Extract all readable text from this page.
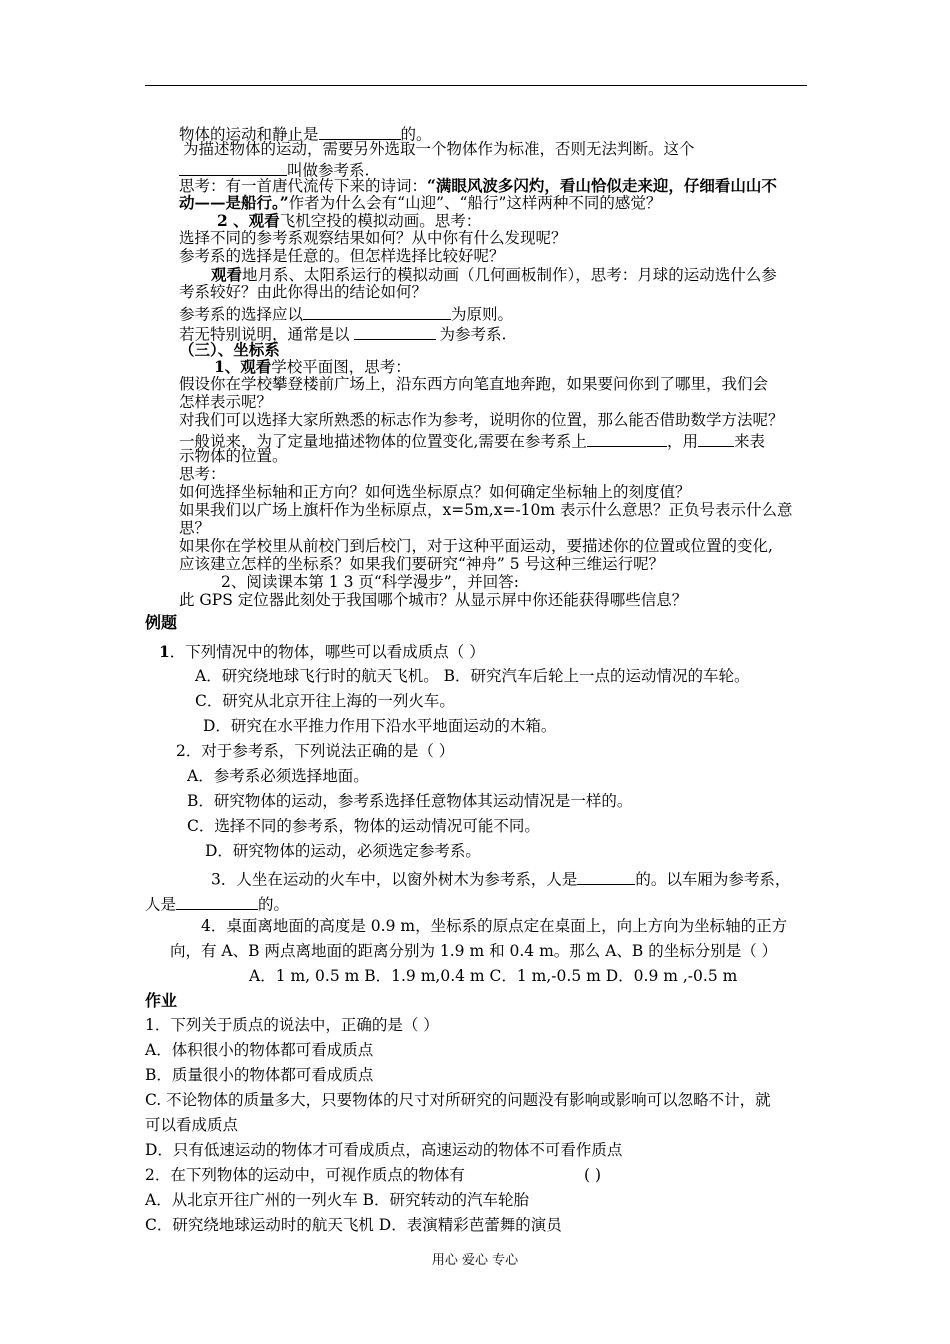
物体的运动和静止是	的。
为描述物体的运动，需要另外选取一个物体作为标准，否则无法判断。这个
叫做参考系.
思考：有一首唐代流传下来的诗词：“满眼风波多闪灼，看山恰似走来迎，仔细看山山不
动——是船行。”作者为什么会有“山迎”、“船行”这样两种不同的感觉？
2 、观看飞机空投的模拟动画。思考：
选择不同的参考系观察结果如何？从中你有什么发现呢？
参考系的选择是任意的。但怎样选择比较好呢？
观看地月系、太阳系运行的模拟动画（几何画板制作），思考：月球的运动选什么参
考系较好？由此你得出的结论如何？
参考系的选择应以	为原则。
若无特别说明，通常是以	为参考系.
（三）、坐标系
1、观看学校平面图，思考：
假设你在学校攀登楼前广场上，沿东西方向笔直地奔跑，如果要问你到了哪里，我们会
怎样表示呢？
对我们可以选择大家所熟悉的标志作为参考，说明你的位置，那么能否借助数学方法呢？
一般说来，为了定量地描述物体的位置变化,需要在参考系上	，用 来表
示物体的位置。
思考：
如何选择坐标轴和正方向？如何选坐标原点？如何确定坐标轴上的刻度值？
如果我们以广场上旗杆作为坐标原点，x=5m,x=-10m 表示什么意思？正负号表示什么意
思？
如果你在学校里从前校门到后校门，对于这种平面运动，要描述你的位置或位置的变化,
应该建立怎样的坐标系？如果我们要研究“神舟” 5 号这种三维运行呢？
2、阅读课本第 1 3 页“科学漫步”，并回答:
此 GPS 定位器此刻处于我国哪个城市？从显示屏中你还能获得哪些信息？
例题
1．下列情况中的物体，哪些可以看成质点（ ）
A．研究绕地球飞行时的航天飞机。 B．研究汽车后轮上一点的运动情况的车轮。
C．研究从北京开往上海的一列火车。
D．研究在水平推力作用下沿水平地面运动的木箱。
2．对于参考系，下列说法正确的是（ ）
A．参考系必须选择地面。
B．研究物体的运动，参考系选择任意物体其运动情况是一样的。
C．选择不同的参考系，物体的运动情况可能不同。
D．研究物体的运动，必须选定参考系。
3．人坐在运动的火车中，以窗外树木为参考系，人是	的。以车厢为参考系，
人是	的。
4．桌面离地面的高度是 0.9 m，坐标系的原点定在桌面上，向上方向为坐标轴的正方
向，有 A、B 两点离地面的距离分别为 1.9 m 和 0.4 m。那么 A、B 的坐标分别是（ ）
A．1 m, 0.5 m B．1.9 m,0.4 m C．1 m,-0.5 m D．0.9 m ,-0.5 m
作业
1．下列关于质点的说法中，正确的是（ ）
A．体积很小的物体都可看成质点
B．质量很小的物体都可看成质点
C. 不论物体的质量多大，只要物体的尺寸对所研究的问题没有影响或影响可以忽略不计，就
可以看成质点
D．只有低速运动的物体才可看成质点，高速运动的物体不可看作质点
2．在下列物体的运动中，可视作质点的物体有	( )
A．从北京开往广州的一列火车 B．研究转动的汽车轮胎
C．研究绕地球运动时的航天飞机 D．表演精彩芭蕾舞的演员
用心 爱心 专心
